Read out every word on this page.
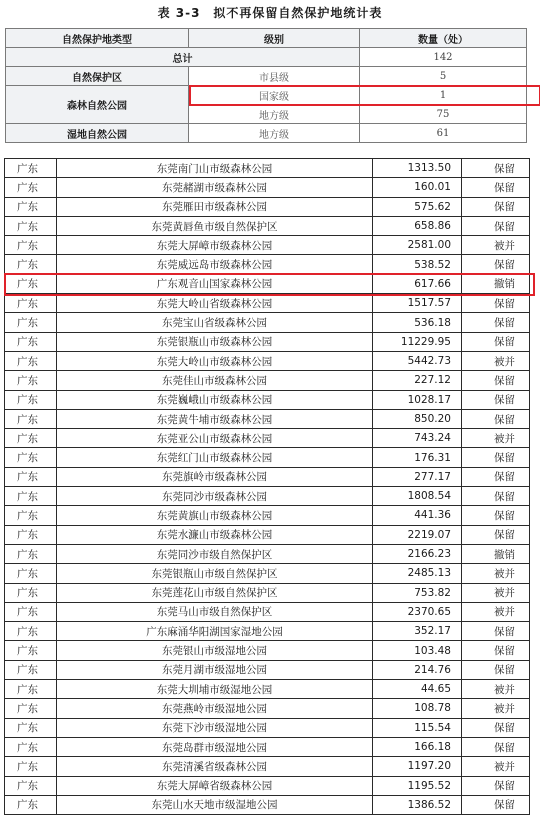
表 3-3　拟不再保留自然保护地统计表
自然保护地类型	级别	数量（处）
总计		142
自然保护区	市县级	5
森林自然公园	国家级	1
	地方级	75
湿地自然公园	地方级	61
广东	东莞南门山市级森林公园	1313.50	保留
广东	东莞赭湖市级森林公园	160.01	保留
广东	东莞雁田市级森林公园	575.62	保留
广东	东莞黄唇鱼市级自然保护区	658.86	保留
广东	东莞大屏嶂市级森林公园	2581.00	被并
广东	东莞威远岛市级森林公园	538.52	保留
广东	广东观音山国家森林公园	617.66	撤销
广东	东莞大岭山省级森林公园	1517.57	保留
广东	东莞宝山省级森林公园	536.18	保留
广东	东莞银瓶山市级森林公园	11229.95	保留
广东	东莞大岭山市级森林公园	5442.73	被并
广东	东莞佳山市级森林公园	227.12	保留
广东	东莞巍峨山市级森林公园	1028.17	保留
广东	东莞黄牛埔市级森林公园	850.20	保留
广东	东莞亚公山市级森林公园	743.24	被并
广东	东莞红门山市级森林公园	176.31	保留
广东	东莞旗岭市级森林公园	277.17	保留
广东	东莞同沙市级森林公园	1808.54	保留
广东	东莞黄旗山市级森林公园	441.36	保留
广东	东莞水濂山市级森林公园	2219.07	保留
广东	东莞同沙市级自然保护区	2166.23	撤销
广东	东莞银瓶山市级自然保护区	2485.13	被并
广东	东莞莲花山市级自然保护区	753.82	被并
广东	东莞马山市级自然保护区	2370.65	被并
广东	广东麻涌华阳湖国家湿地公园	352.17	保留
广东	东莞银山市级湿地公园	103.48	保留
广东	东莞月湖市级湿地公园	214.76	保留
广东	东莞大圳埔市级湿地公园	44.65	被并
广东	东莞燕岭市级湿地公园	108.78	被并
广东	东莞下沙市级湿地公园	115.54	保留
广东	东莞岛群市级湿地公园	166.18	保留
广东	东莞清溪省级森林公园	1197.20	被并
广东	东莞大屏嶂省级森林公园	1195.52	保留
广东	东莞山水天地市级湿地公园	1386.52	保留
